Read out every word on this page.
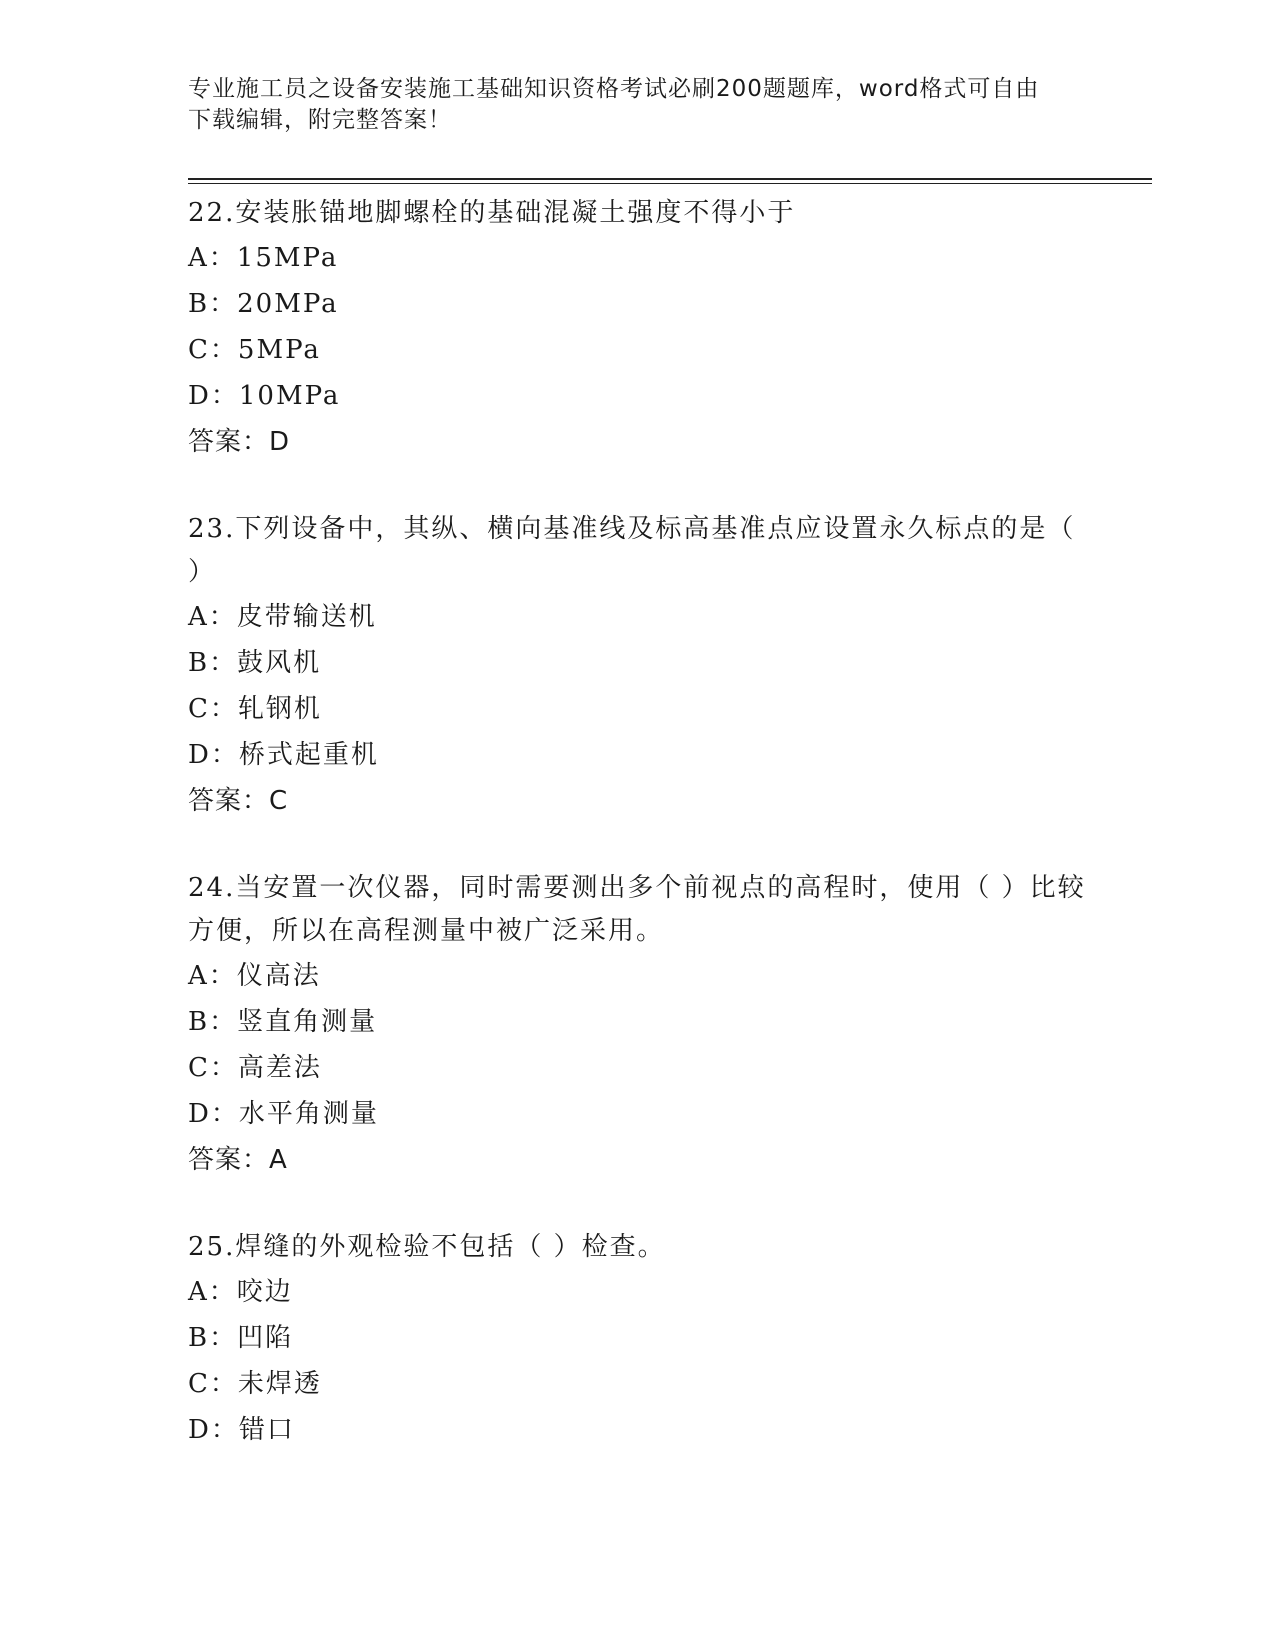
专业施工员之设备安装施工基础知识资格考试必刷200题题库，word格式可自由
下载编辑，附完整答案！

22.安装胀锚地脚螺栓的基础混凝土强度不得小于

A：15MPa

B：20MPa

C：5MPa

D：10MPa

答案：D

23.下列设备中，其纵、横向基准线及标高基准点应设置永久标点的是（ ）

A：皮带输送机

B：鼓风机

C：轧钢机

D：桥式起重机

答案：C

24.当安置一次仪器，同时需要测出多个前视点的高程时，使用（ ）比较方便，所以在高程测量中被广泛采用。

A：仪高法

B：竖直角测量

C：高差法

D：水平角测量

答案：A

25.焊缝的外观检验不包括（ ）检查。

A：咬边

B：凹陷

C：未焊透

D：错口
